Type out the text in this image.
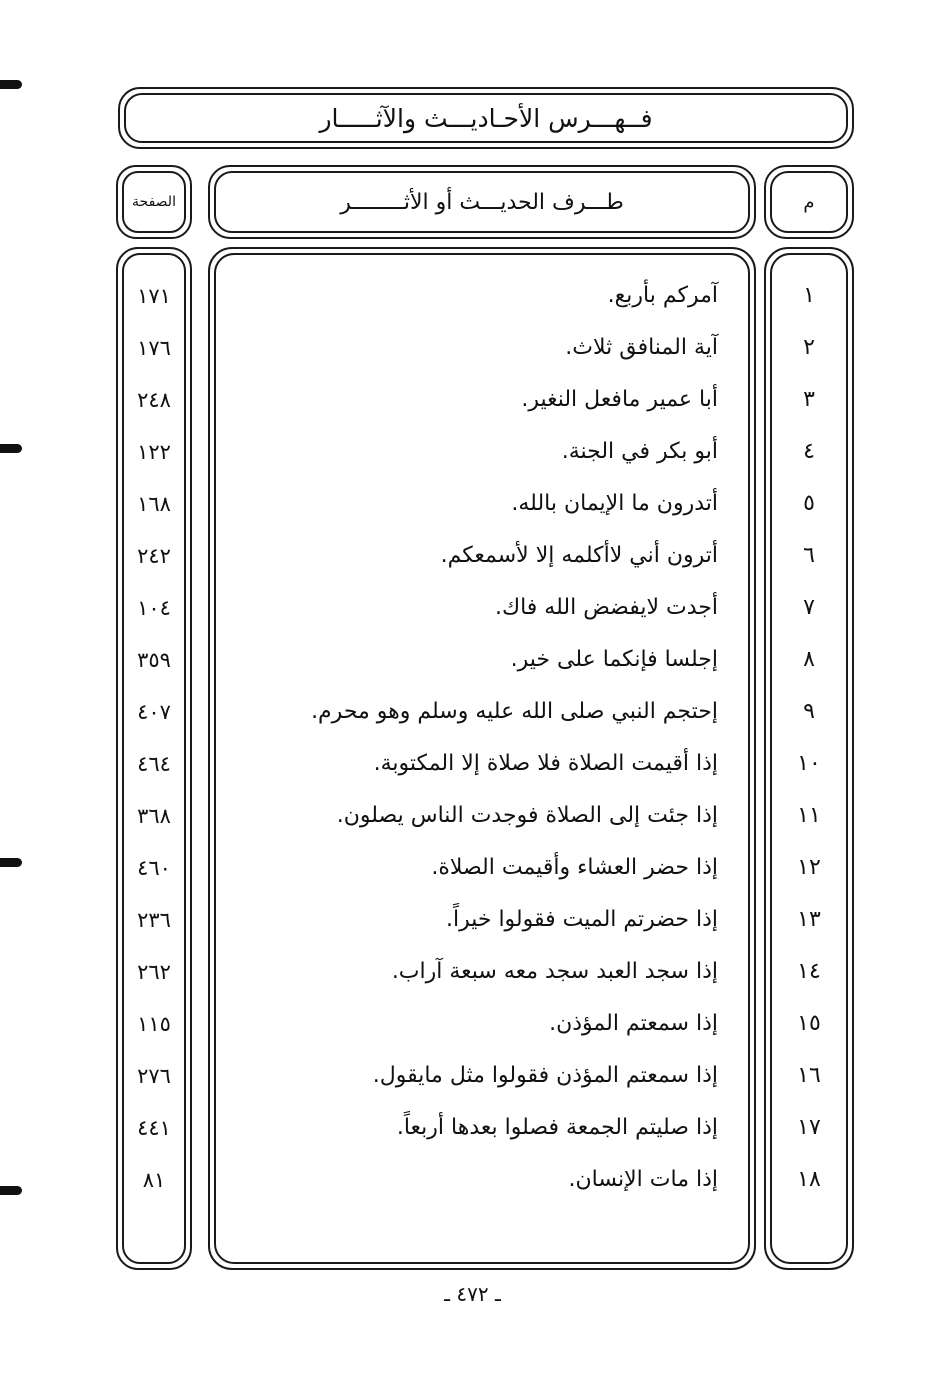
فــهـــرس الأحـاديـــث والآثـــــار
الصفحة	طـــرف الحديـــث أو الأثــــــــر	م
١
آمركم بأربع.
١٧١
٢
آية المنافق ثلاث.
١٧٦
٣
أبا عمير مافعل النغير.
٢٤٨
٤
أبو بكر في الجنة.
١٢٢
٥
أتدرون ما الإيمان بالله.
١٦٨
٦
أترون أني لاأكلمه إلا لأسمعكم.
٢٤٢
٧
أجدت لايفضض الله فاك.
١٠٤
٨
إجلسا فإنكما على خير.
٣٥٩
٩
إحتجم النبي صلى الله عليه وسلم وهو محرم.
٤٠٧
١٠
إذا أقيمت الصلاة فلا صلاة إلا المكتوبة.
٤٦٤
١١
إذا جئت إلى الصلاة فوجدت الناس يصلون.
٣٦٨
١٢
إذا حضر العشاء وأقيمت الصلاة.
٤٦٠
١٣
إذا حضرتم الميت فقولوا خيراً.
٢٣٦
١٤
إذا سجد العبد سجد معه سبعة آراب.
٢٦٢
١٥
إذا سمعتم المؤذن.
١١٥
١٦
إذا سمعتم المؤذن فقولوا مثل مايقول.
٢٧٦
١٧
إذا صليتم الجمعة فصلوا بعدها أربعاً.
٤٤١
١٨
إذا مات الإنسان.
٨١
ـ ٤٧٢ ـ
